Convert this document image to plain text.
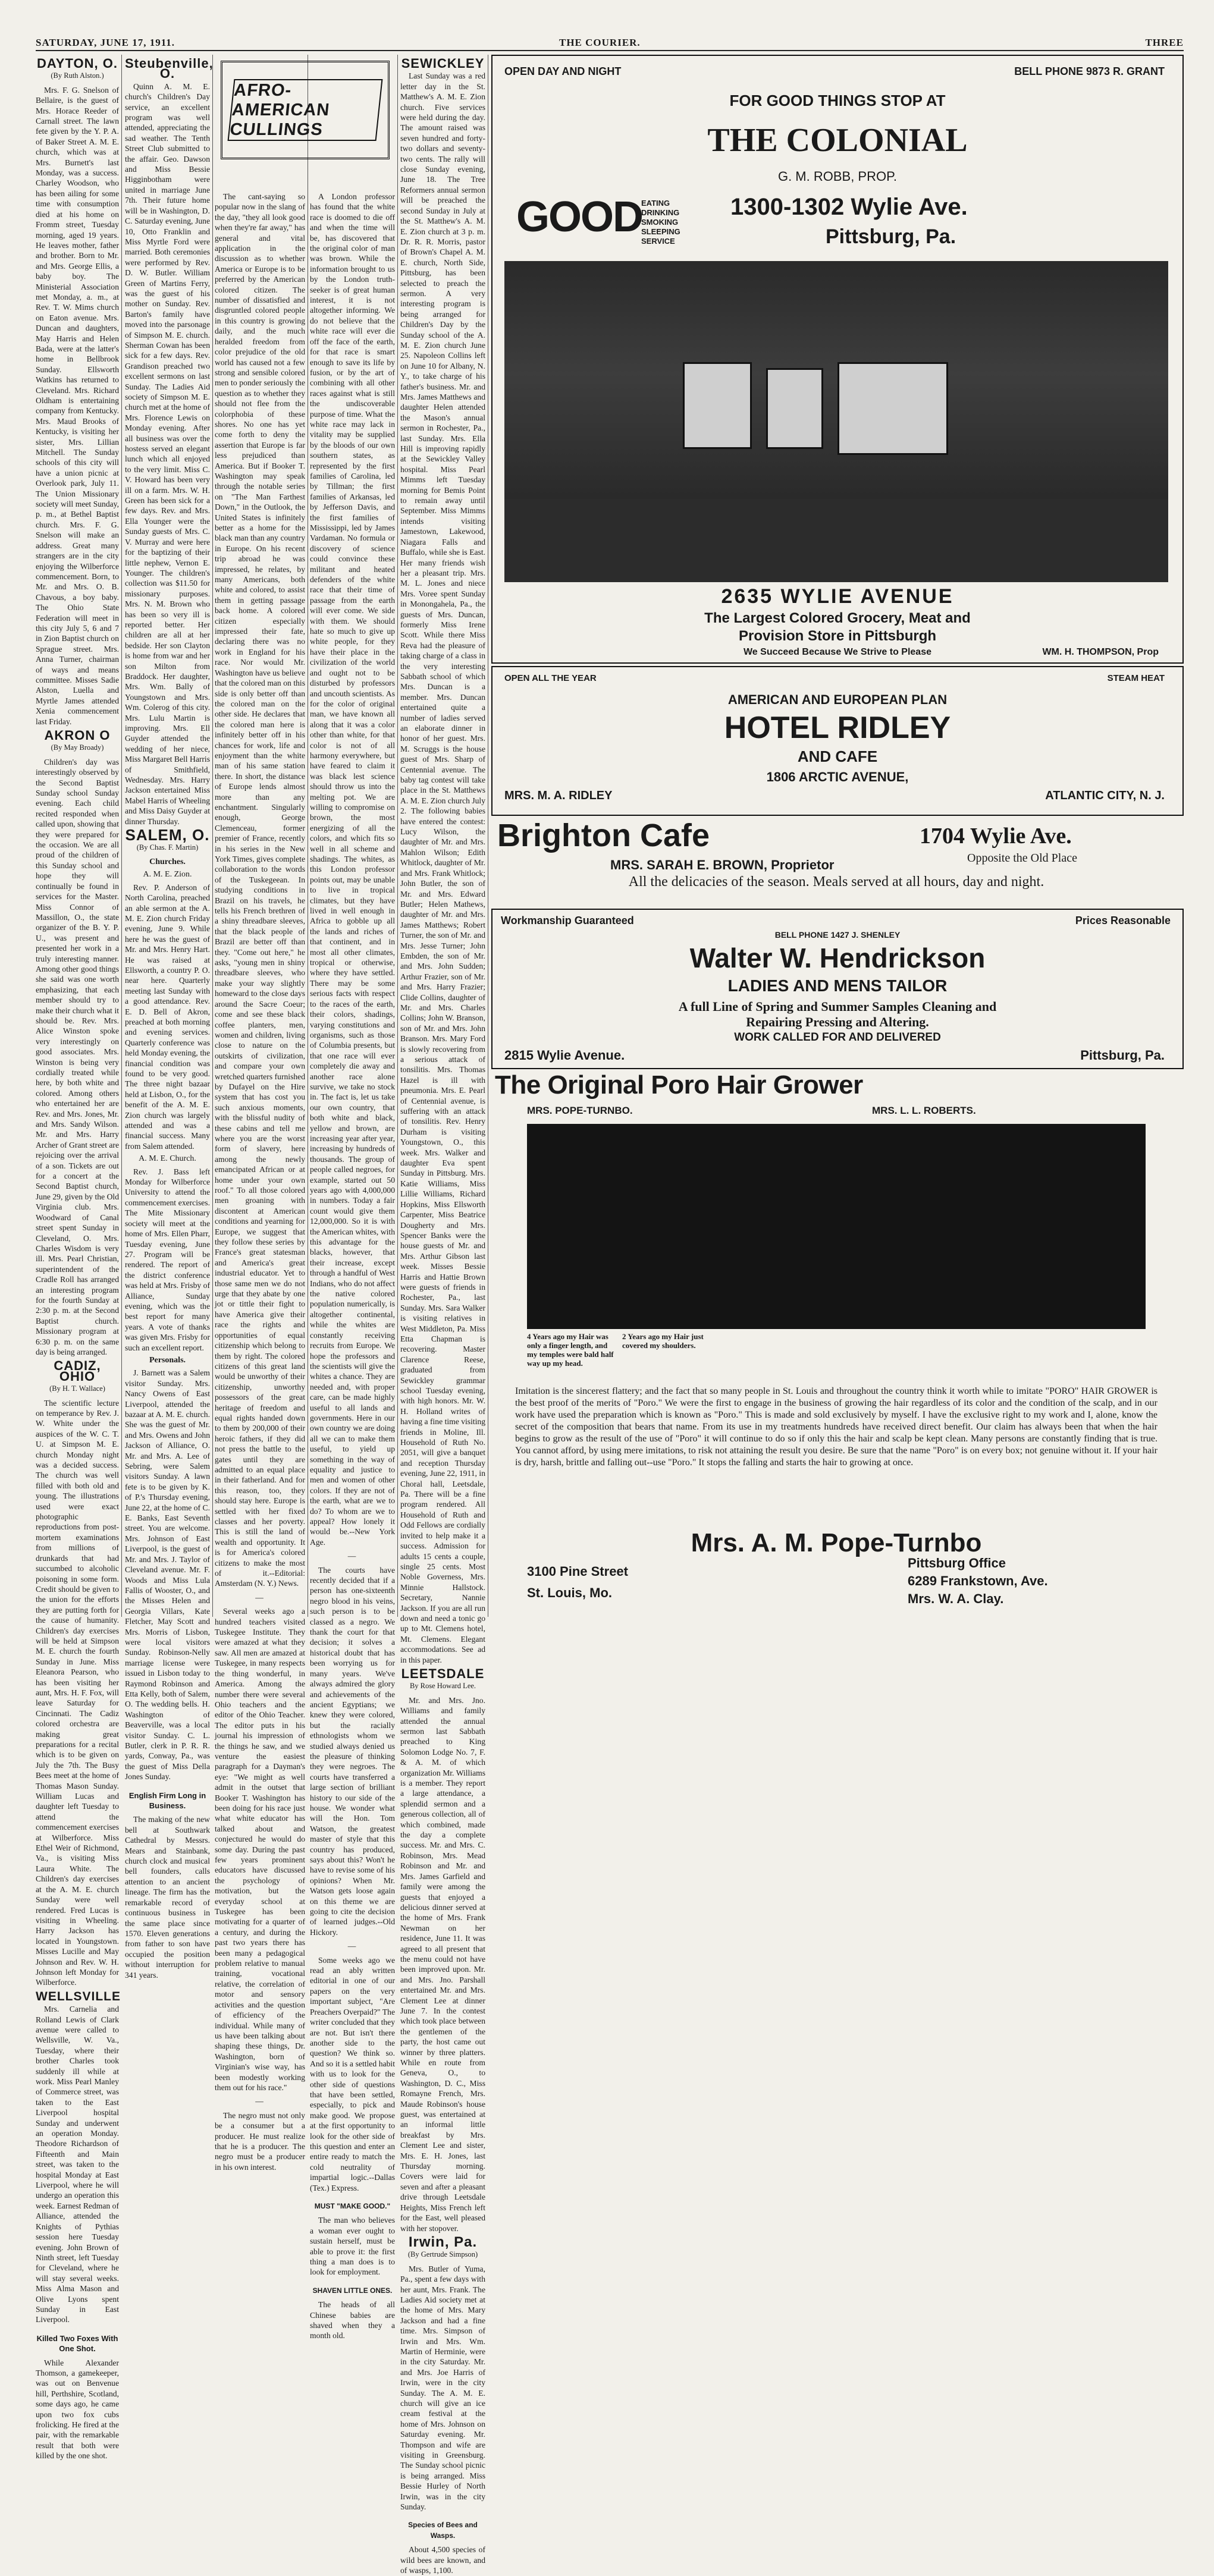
SATURDAY, JUNE 17, 1911.	THE COURIER.	THREE
DAYTON, O.
(By Ruth Alston.)

Mrs. F. G. Snelson of Bellaire, is the guest of Mrs. Horace Reeder of Carnall street. The lawn fete given by the Y. P. A. of Baker Street A. M. E. church, which was at Mrs. Burnett's last Monday, was a success. Charley Woodson, who has been ailing for some time with consumption died at his home on Fromm street, Tuesday morning, aged 19 years. He leaves mother, father and brother. Born to Mr. and Mrs. George Ellis, a baby boy. The Ministerial Association met Monday, a. m., at Rev. T. W. Mims church on Eaton avenue. Mrs. Duncan and daughters, May Harris and Helen Bada, were at the latter's home in Bellbrook Sunday. Ellsworth Watkins has returned to Cleveland. Mrs. Richard Oldham is entertaining company from Kentucky. Mrs. Maud Brooks of Kentucky, is visiting her sister, Mrs. Lillian Mitchell. The Sunday schools of this city will have a union picnic at Overlook park, July 11. The Union Missionary society will meet Sunday, p. m., at Bethel Baptist church. Mrs. F. G. Snelson will make an address. Great many strangers are in the city enjoying the Wilberforce commencement. Born, to Mr. and Mrs. O. B. Chavous, a boy baby. The Ohio State Federation will meet in this city July 5, 6 and 7 in Zion Baptist church on Sprague street. Mrs. Anna Turner, chairman of ways and means committee. Misses Sadie Alston, Luella and Myrtle James attended Xenia commencement last Friday.

AKRON O
(By May Broady)

Children's day was interestingly observed by the Second Baptist Sunday school Sunday evening. Each child recited responded when called upon, showing that they were prepared for the occasion. We are all proud of the children of this Sunday school and hope they will continually be found in services for the Master. Miss Connor of Massillon, O., the state organizer of the B. Y. P. U., was present and presented her work in a truly interesting manner. Among other good things she said was one worth emphasizing, that each member should try to make their church what it should be. Rev. Mrs. Alice Winston spoke very interestingly on good associates. Mrs. Winston is being very cordially treated while here, by both white and colored. Among others who entertained her are Rev. and Mrs. Jones, Mr. and Mrs. Sandy Wilson. Mr. and Mrs. Harry Archer of Grant street are rejoicing over the arrival of a son. Tickets are out for a concert at the Second Baptist church, June 29, given by the Old Virginia club. Mrs. Woodward of Canal street spent Sunday in Cleveland, O. Mrs. Charles Wisdom is very ill. Mrs. Pearl Christian, superintendent of the Cradle Roll has arranged an interesting program for the fourth Sunday at 2:30 p. m. at the Second Baptist church. Missionary program at 6:30 p. m. on the same day is being arranged.

CADIZ, OHIO
(By H. T. Wallace)

The scientific lecture on temperance by Rev. J. W. White under the auspices of the W. C. T. U. at Simpson M. E. church Monday night was a decided success. The church was well filled with both old and young. The illustrations used were exact photographic reproductions from post-mortem examinations from millions of drunkards that had succumbed to alcoholic poisoning in some form. Credit should be given to the union for the efforts they are putting forth for the cause of humanity. Children's day exercises will be held at Simpson M. E. church the fourth Sunday in June. Miss Eleanora Pearson, who has been visiting her aunt, Mrs. H. F. Fox, will leave Saturday for Cincinnati. The Cadiz colored orchestra are making great preparations for a recital which is to be given on July the 7th. The Busy Bees meet at the home of Thomas Mason Sunday. William Lucas and daughter left Tuesday to attend the commencement exercises at Wilberforce. Miss Ethel Weir of Richmond, Va., is visiting Miss Laura White. The Children's day exercises at the A. M. E. church Sunday were well rendered. Fred Lucas is visiting in Wheeling. Harry Jackson has located in Youngstown. Misses Lucille and May Johnson and Rev. W. H. Johnson left Monday for Wilberforce.

WELLSVILLE

Mrs. Carnelia and Rolland Lewis of Clark avenue were called to Wellsville, W. Va., Tuesday, where their brother Charles took suddenly ill while at work. Miss Pearl Manley of Commerce street, was taken to the East Liverpool hospital Sunday and underwent an operation Monday. Theodore Richardson of Fifteenth and Main street, was taken to the hospital Monday at East Liverpool, where he will undergo an operation this week. Earnest Redman of Alliance, attended the Knights of Pythias session here Tuesday evening. John Brown of Ninth street, left Tuesday for Cleveland, where he will stay several weeks. Miss Alma Mason and Olive Lyons spent Sunday in East Liverpool.

Killed Two Foxes With One Shot.

While Alexander Thomson, a gamekeeper, was out on Benvenue hill, Perthshire, Scotland, some days ago, he came upon two fox cubs frolicking. He fired at the pair, with the remarkable result that both were killed by the one shot.

Steubenville, O.

Quinn A. M. E. church's Children's Day service, an excellent program was well attended, appreciating the sad weather. The Tenth Street Club submitted to the affair. Geo. Dawson and Miss Bessie Higginbotham were united in marriage June 7th. Their future home will be in Washington, D. C. Saturday evening, June 10, Otto Franklin and Miss Myrtle Ford were married. Both ceremonies were performed by Rev. D. W. Butler. William Green of Martins Ferry, was the guest of his mother on Sunday. Rev. Barton's family have moved into the parsonage of Simpson M. E. church. Sherman Cowan has been sick for a few days. Rev. Grandison preached two excellent sermons on last Sunday. The Ladies Aid society of Simpson M. E. church met at the home of Mrs. Florence Lewis on Monday evening. After all business was over the hostess served an elegant lunch which all enjoyed to the very limit. Miss C. V. Howard has been very ill on a farm. Mrs. W. H. Green has been sick for a few days. Rev. and Mrs. Ella Younger were the Sunday guests of Mrs. C. V. Murray and were here for the baptizing of their little nephew, Vernon E. Younger. The children's collection was $11.50 for missionary purposes. Mrs. N. M. Brown who has been so very ill is reported better. Her children are all at her bedside. Her son Clayton is home from war and her son Milton from Braddock. Her daughter, Mrs. Wm. Bally of Youngstown and Mrs. Wm. Colerog of this city. Mrs. Lulu Martin is improving. Mrs. Ell Guyder attended the wedding of her niece, Miss Margaret Bell Harris of Smithfield, Wednesday. Mrs. Harry Jackson entertained Miss Mabel Harris of Wheeling and Miss Daisy Guyder at dinner Thursday.

SALEM, O.
(By Chas. F. Martin)
Churches.
A. M. E. Zion.

Rev. P. Anderson of North Carolina, preached an able sermon at the A. M. E. Zion church Friday evening, June 9. While here he was the guest of Mr. and Mrs. Henry Hart. He was raised at Ellsworth, a country P. O. near here. Quarterly meeting last Sunday with a good attendance. Rev. E. D. Bell of Akron, preached at both morning and evening services. Quarterly conference was held Monday evening, the financial condition was found to be very good. The three night bazaar held at Lisbon, O., for the benefit of the A. M. E. Zion church was largely attended and was a financial success. Many from Salem attended.

A. M. E. Church.

Rev. J. Bass left Monday for Wilberforce University to attend the commencement exercises. The Mite Missionary society will meet at the home of Mrs. Ellen Pharr, Tuesday evening, June 27. Program will be rendered. The report of the district conference was held at Mrs. Frisby of Alliance, Sunday evening, which was the best report for many years. A vote of thanks was given Mrs. Frisby for such an excellent report.

Personals.

J. Barnett was a Salem visitor Sunday. Mrs. Nancy Owens of East Liverpool, attended the bazaar at A. M. E. church. She was the guest of Mr. and Mrs. Owens and John Jackson of Alliance, O. Mr. and Mrs. A. Lee of Sebring, were Salem visitors Sunday. A lawn fete is to be given by K. of P.'s Thursday evening, June 22, at the home of C. E. Banks, East Seventh street. You are welcome. Mrs. Johnson of East Liverpool, is the guest of Mr. and Mrs. J. Taylor of Cleveland avenue. Mr. F. Woods and Miss Lula Fallis of Wooster, O., and the Misses Helen and Georgia Villars, Kate Fletcher, May Scott and Mrs. Morris of Lisbon, were local visitors Sunday. Robinson-Nelly marriage license were issued in Lisbon today to Raymond Robinson and Etta Kelly, both of Salem, O. The wedding bells. H. Washington of Beaverville, was a local visitor Sunday. C. L. Butler, clerk in P. R. R. yards, Conway, Pa., was the guest of Miss Della Jones Sunday.

English Firm Long in Business.

The making of the new bell at Southwark Cathedral by Messrs. Mears and Stainbank, church clock and musical bell founders, calls attention to an ancient lineage. The firm has the remarkable record of continuous business in the same place since 1570. Eleven generations from father to son have occupied the position without interruption for 341 years.

AFRO-AMERICAN CULLINGS

The cant-saying so popular now in the slang of the day, "they all look good when they're far away," has general and vital application in the discussion as to whether America or Europe is to be preferred by the American colored citizen. The number of dissatisfied and disgruntled colored people in this country is growing daily, and the much heralded freedom from color prejudice of the old world has caused not a few strong and sensible colored men to ponder seriously the question as to whether they should not flee from the colorphobia of these shores. No one has yet come forth to deny the assertion that Europe is far less prejudiced than America. But if Booker T. Washington may speak through the notable series on "The Man Farthest Down," in the Outlook, the United States is infinitely better as a home for the black man than any country in Europe. On his recent trip abroad he was impressed, he relates, by many Americans, both white and colored, to assist them in getting passage back home. A colored citizen especially impressed their fate, declaring there was no work in England for his race. Nor would Mr. Washington have us believe that the colored man on this side is only better off than the colored man on the other side. He declares that the colored man here is infinitely better off in his chances for work, life and enjoyment than the white man of his same station there. In short, the distance of Europe lends almost more than any enchantment. Singularly enough, George Clemenceau, former premier of France, recently in his series in the New York Times, gives complete collaboration to the words of the Tuskegeean. In studying conditions in Brazil on his travels, he tells his French brethren of a shiny threadbare sleeves, that the black people of Brazil are better off than they. "Come out here," he asks, "young men in shiny threadbare sleeves, who make your way slightly homeward to the close days around the Sacre Coeur; come and see these black coffee planters, men, women and children, living close to nature on the outskirts of civilization, and compare your own wretched quarters furnished by Dufayel on the Hire system that has cost you such anxious moments, with the blissful nudity of these cabins and tell me where you are the worst form of slavery, here among the newly emancipated African or at home under your own roof." To all those colored men groaning with discontent at American conditions and yearning for Europe, we suggest that they follow these series by France's great statesman and America's great industrial educator. Yet to those same men we do not urge that they abate by one jot or tittle their fight to have America give their race the rights and opportunities of equal citizenship which belong to them by right. The colored citizens of this great land would be unworthy of their citizenship, unworthy possessors of the great heritage of freedom and equal rights handed down to them by 200,000 of their heroic fathers, if they did not press the battle to the gates until they are admitted to an equal place in their fatherland. And for this reason, too, they should stay here. Europe is settled with her fixed classes and her poverty. This is still the land of wealth and opportunity. It is for America's colored citizens to make the most of it.--Editorial: Amsterdam (N. Y.) News.

—

Several weeks ago a hundred teachers visited Tuskegee Institute. They were amazed at what they saw. All men are amazed at Tuskegee, in many respects the thing wonderful, in America. Among the number there were several Ohio teachers and the editor of the Ohio Teacher. The editor puts in his journal his impression of the things he saw, and we venture the easiest paragraph for a Dayman's eye: "We might as well admit in the outset that Booker T. Washington has been doing for his race just what white educator has talked about and conjectured he would do some day. During the past few years prominent educators have discussed the psychology of motivation, but the everyday school at Tuskegee has been motivating for a quarter of a century, and during the past two years there has been many a pedagogical problem relative to manual training, vocational relative, the correlation of motor and sensory activities and the question of efficiency of the individual. While many of us have been talking about shaping these things, Dr. Washington, born of Virginian's wise way, has been modestly working them out for his race."

—

The negro must not only be a consumer but a producer. He must realize that he is a producer. The negro must be a producer in his own interest.

A London professor has found that the white race is doomed to die off and when the time will be, has discovered that the original color of man was brown. While the information brought to us by the London truth-seeker is of great human interest, it is not altogether informing. We do not believe that the white race will ever die off the face of the earth, for that race is smart enough to save its life by fusion, or by the art of combining with all other races against what is still the undiscoverable purpose of time. What the white race may lack in vitality may be supplied by the bloods of our own southern states, as represented by the first families of Carolina, led by Tillman; the first families of Arkansas, led by Jefferson Davis, and the first families of Mississippi, led by James Vardaman. No formula or discovery of science could convince these militant and heated defenders of the white race that their time of passage from the earth will ever come. We side with them. We should hate so much to give up white people, for they have their place in the civilization of the world and ought not to be disturbed by professors and uncouth scientists. As for the color of original man, we have known all along that it was a color other than white, for that color is not of all harmony everywhere, but have feared to claim it was black lest science should throw us into the melting pot. We are willing to compromise on brown, the most energizing of all the colors, and which fits so well in all scheme and shadings. The whites, as this London professor points out, may be unable to live in tropical climates, but they have lived in well enough in Africa to gobble up all the lands and riches of that continent, and in most all other climates, tropical or otherwise, where they have settled. There may be some serious facts with respect to the races of the earth, their colors, shadings, varying constitutions and organisms, such as those of Columbia presents, but that one race will ever completely die away and another race alone survive, we take no stock in. The fact is, let us take our own country, that both white and black, yellow and brown, are increasing year after year, increasing by hundreds of thousands. The group of people called negroes, for example, started out 50 years ago with 4,000,000 in numbers. Today a fair count would give them 12,000,000. So it is with the American whites, with this advantage for the blacks, however, that their increase, except through a handful of West Indians, who do not affect the native colored population numerically, is altogether continental, while the whites are constantly receiving recruits from Europe. We hope the professors and the scientists will give the whites a chance. They are needed and, with proper care, can be made highly useful to all lands and governments. Here in our own country we are doing all we can to make them useful, to yield up something in the way of equality and justice to men and women of other colors. If they are not of the earth, what are we to do? To whom are we to appeal? How lonely it would be.--New York Age.

—

The courts have recently decided that if a person has one-sixteenth negro blood in his veins, such person is to be classed as a negro. We thank the court for that decision; it solves a historical doubt that has been worrying us for many years. We've always admired the glory and achievements of the ancient Egyptians; we knew they were colored, but the racially ethnologists whom we studied always denied us the pleasure of thinking they were negroes. The courts have transferred a large section of brilliant history to our side of the house. We wonder what will the Hon. Tom Watson, the greatest master of style that this country has produced, says about this? Won't he have to revise some of his opinions? When Mr. Watson gets loose again on this theme we are going to cite the decision of learned judges.--Old Hickory.

—

Some weeks ago we read an ably written editorial in one of our papers on the very important subject, "Are Preachers Overpaid?" The writer concluded that they are not. But isn't there another side to the question? We think so. And so it is a settled habit with us to look for the other side of questions that have been settled, especially, to pick and make good. We propose at the first opportunity to look for the other side of this question and enter an entire ready to match the cold neutrality of impartial logic.--Dallas (Tex.) Express.

MUST "MAKE GOOD."

The man who believes a woman ever ought to sustain herself, must be able to prove it: the first thing a man does is to look for employment.

SHAVEN LITTLE ONES.

The heads of all Chinese babies are shaved when they a month old.

SEWICKLEY

Last Sunday was a red letter day in the St. Matthew's A. M. E. Zion church. Five services were held during the day. The amount raised was seven hundred and forty-two dollars and seventy-two cents. The rally will close Sunday evening, June 18. The Tree Reformers annual sermon will be preached the second Sunday in July at the St. Matthew's A. M. E. Zion church at 3 p. m. Dr. R. R. Morris, pastor of Brown's Chapel A. M. E. church, North Side, Pittsburg, has been selected to preach the sermon. A very interesting program is being arranged for Children's Day by the Sunday school of the A. M. E. Zion church June 25. Napoleon Collins left on June 10 for Albany, N. Y., to take charge of his father's business. Mr. and Mrs. James Matthews and daughter Helen attended the Mason's annual sermon in Rochester, Pa., last Sunday. Mrs. Ella Hill is improving rapidly at the Sewickley Valley hospital. Miss Pearl Mimms left Tuesday morning for Bemis Point to remain away until September. Miss Mimms intends visiting Jamestown, Lakewood, Niagara Falls and Buffalo, while she is East. Her many friends wish her a pleasant trip. Mrs. M. L. Jones and niece Mrs. Voree spent Sunday in Monongahela, Pa., the guests of Mrs. Duncan, formerly Miss Irene Scott. While there Miss Reva had the pleasure of taking charge of a class in the very interesting Sabbath school of which Mrs. Duncan is a member. Mrs. Duncan entertained quite a number of ladies served an elaborate dinner in honor of her guest. Mrs. M. Scruggs is the house guest of Mrs. Sharp of Centennial avenue. The baby tag contest will take place in the St. Matthews A. M. E. Zion church July 2. The following babies have entered the contest: Lucy Wilson, the daughter of Mr. and Mrs. Mahlon Wilson; Edith Whitlock, daughter of Mr. and Mrs. Frank Whitlock; John Butler, the son of Mr. and Mrs. Edward Butler; Helen Mathews, daughter of Mr. and Mrs. James Matthews; Robert Turner, the son of Mr. and Mrs. Jesse Turner; John Embden, the son of Mr. and Mrs. John Sudden; Arthur Frazier, son of Mr. and Mrs. Harry Frazier; Clide Collins, daughter of Mr. and Mrs. Charles Collins; John W. Branson, son of Mr. and Mrs. John Branson. Mrs. Mary Ford is slowly recovering from a serious attack of tonsilitis. Mrs. Thomas Hazel is ill with pneumonia. Mrs. E. Pearl of Centennial avenue, is suffering with an attack of tonsilitis. Rev. Henry Durham is visiting Youngstown, O., this week. Mrs. Walker and daughter Eva spent Sunday in Pittsburg. Mrs. Katie Williams, Miss Lillie Williams, Richard Hopkins, Miss Ellsworth Carpenter, Miss Beatrice Dougherty and Mrs. Spencer Banks were the house guests of Mr. and Mrs. Arthur Gibson last week. Misses Bessie Harris and Hattie Brown were guests of friends in Rochester, Pa., last Sunday. Mrs. Sara Walker is visiting relatives in West Middleton, Pa. Miss Etta Chapman is recovering. Master Clarence Reese, graduated from Sewickley grammar school Tuesday evening, with high honors. Mr. W. H. Holland writes of having a fine time visiting friends in Moline, Ill. Household of Ruth No. 2051, will give a banquet and reception Thursday evening, June 22, 1911, in Choral hall, Leetsdale, Pa. There will be a fine program rendered. All Household of Ruth and Odd Fellows are cordially invited to help make it a success. Admission for adults 15 cents a couple, single 25 cents. Most Noble Governess, Mrs. Minnie Hallstock. Secretary, Nannie Jackson. If you are all run down and need a tonic go up to Mt. Clemens hotel, Mt. Clemens. Elegant accommodations. See ad in this paper.

LEETSDALE
By Rose Howard Lee.

Mr. and Mrs. Jno. Williams and family attended the annual sermon last Sabbath preached to King Solomon Lodge No. 7, F. & A. M. of which organization Mr. Williams is a member. They report a large attendance, a splendid sermon and a generous collection, all of which combined, made the day a complete success. Mr. and Mrs. C. Robinson, Mrs. Mead Robinson and Mr. and Mrs. James Garfield and family were among the guests that enjoyed a delicious dinner served at the home of Mrs. Frank Newman on her residence, June 11. It was agreed to all present that the menu could not have been improved upon. Mr. and Mrs. Jno. Parshall entertained Mr. and Mrs. Clement Lee at dinner June 7. In the contest which took place between the gentlemen of the party, the host came out winner by three platters. While en route from Geneva, O., to Washington, D. C., Miss Romayne French, Mrs. Maude Robinson's house guest, was entertained at an informal little breakfast by Mrs. Clement Lee and sister, Mrs. E. H. Jones, last Thursday morning. Covers were laid for seven and after a pleasant drive through Leetsdale Heights, Miss French left for the East, well pleased with her stopover.

Irwin, Pa.
(By Gertrude Simpson)

Mrs. Butler of Yuma, Pa., spent a few days with her aunt, Mrs. Frank. The Ladies Aid society met at the home of Mrs. Mary Jackson and had a fine time. Mrs. Simpson of Irwin and Mrs. Wm. Martin of Herminie, were in the city Saturday. Mr. and Mrs. Joe Harris of Irwin, were in the city Sunday. The A. M. E. church will give an ice cream festival at the home of Mrs. Johnson on Saturday evening. Mr. Thompson and wife are visiting in Greensburg. The Sunday school picnic is being arranged. Miss Bessie Hurley of North Irwin, was in the city Sunday.

Species of Bees and Wasps.

About 4,500 species of wild bees are known, and of wasps, 1,100.

OPEN DAY AND NIGHT	BELL PHONE 9873 R. GRANT
FOR GOOD THINGS STOP AT
THE COLONIAL
G. M. ROBB, PROP.
GOOD
EATING DRINKING SMOKING SLEEPING SERVICE
1300-1302 Wylie Ave.
Pittsburg, Pa.
2635 WYLIE AVENUE
The Largest Colored Grocery, Meat and
Provision Store in Pittsburgh
We Succeed Because We Strive to Please	WM. H. THOMPSON, Prop
OPEN ALL THE YEAR	STEAM HEAT
AMERICAN AND EUROPEAN PLAN
HOTEL RIDLEY
AND CAFE
1806 ARCTIC AVENUE,
MRS. M. A. RIDLEY	ATLANTIC CITY, N. J.
Brighton Cafe	1704 Wylie Ave.
Opposite the Old Place
MRS. SARAH E. BROWN, Proprietor
All the delicacies of the season. Meals served at all hours, day and night.
Workmanship Guaranteed	Prices Reasonable
BELL PHONE 1427 J. SHENLEY
Walter W. Hendrickson
LADIES AND MENS TAILOR
A full Line of Spring and Summer Samples Cleaning and
Repairing Pressing and Altering.
WORK CALLED FOR AND DELIVERED
2815 Wylie Avenue.	Pittsburg, Pa.
The Original Poro Hair Grower
MRS. POPE-TURNBO.	MRS. L. L. ROBERTS.
4 Years ago my Hair was only a finger length, and my temples were bald half way up my head.
2 Years ago my Hair just covered my shoulders.
Imitation is the sincerest flattery; and the fact that so many people in St. Louis and throughout the country think it worth while to imitate "PORO" HAIR GROWER is the best proof of the merits of "Poro." We were the first to engage in the business of growing the hair regardless of its color and the condition of the scalp, and in our work have used the preparation which is known as "Poro." This is made and sold exclusively by myself. I have the exclusive right to my work and I, alone, know the secret of the composition that bears that name. From its use in my treatments hundreds have received direct benefit. Our claim has always been that when the hair begins to grow as the result of the use of "Poro" it will continue to do so if only this the hair and scalp be kept clean. Many persons are constantly finding that is true. You cannot afford, by using mere imitations, to risk not attaining the result you desire. Be sure that the name "Poro" is on every box; not genuine without it. If your hair is dry, harsh, brittle and falling out--use "Poro." It stops the falling and starts the hair to growing at once.
Mrs. A. M. Pope-Turnbo
3100 Pine Street
St. Louis, Mo.
Pittsburg Office
6289 Frankstown, Ave.
Mrs. W. A. Clay.
